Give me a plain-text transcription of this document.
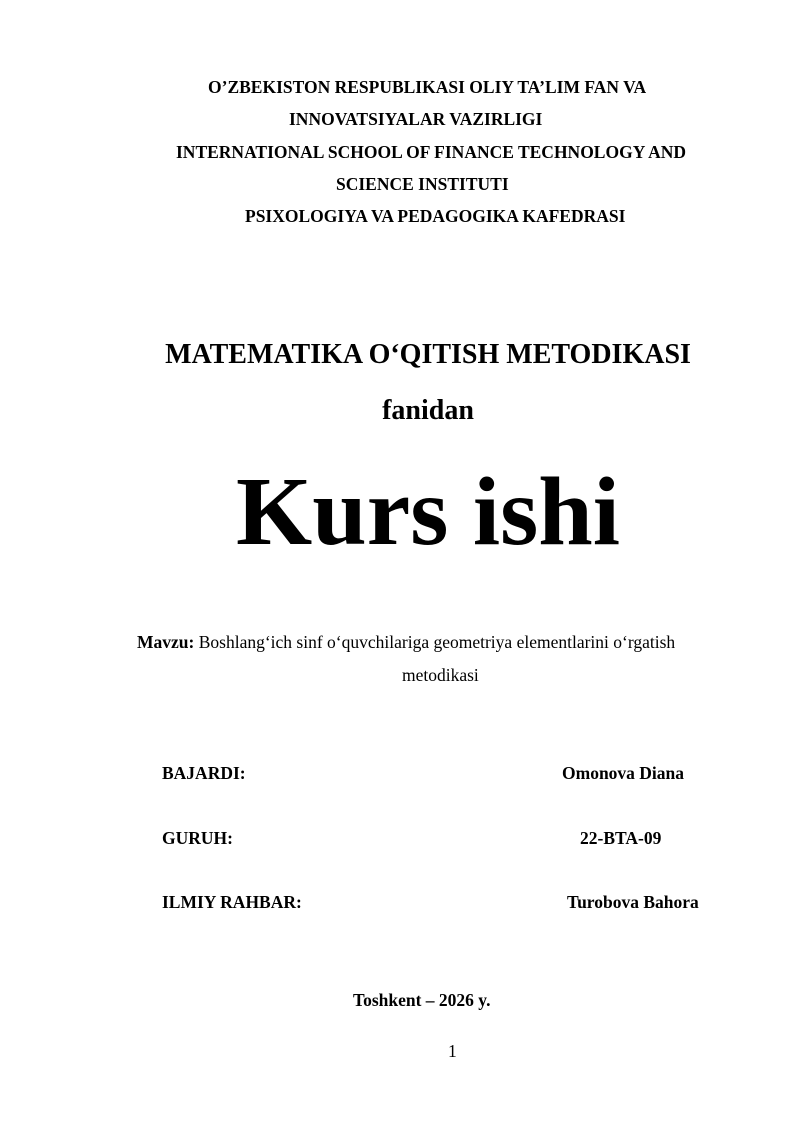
O’ZBEKISTON RESPUBLIKASI OLIY TA’LIM FAN VA
INNOVATSIYALAR VAZIRLIGI
INTERNATIONAL SCHOOL OF FINANCE TECHNOLOGY AND
SCIENCE INSTITUTI
PSIXOLOGIYA VA PEDAGOGIKA KAFEDRASI
MATEMATIKA O‘QITISH METODIKASI
fanidan
Kurs ishi
Mavzu: Boshlang‘ich sinf o‘quvchilariga geometriya elementlarini o‘rgatish
metodikasi
BAJARDI:	Omonova Diana
GURUH:	22-BTA-09
ILMIY RAHBAR:	Turobova Bahora
Toshkent – 2026 y.
1
